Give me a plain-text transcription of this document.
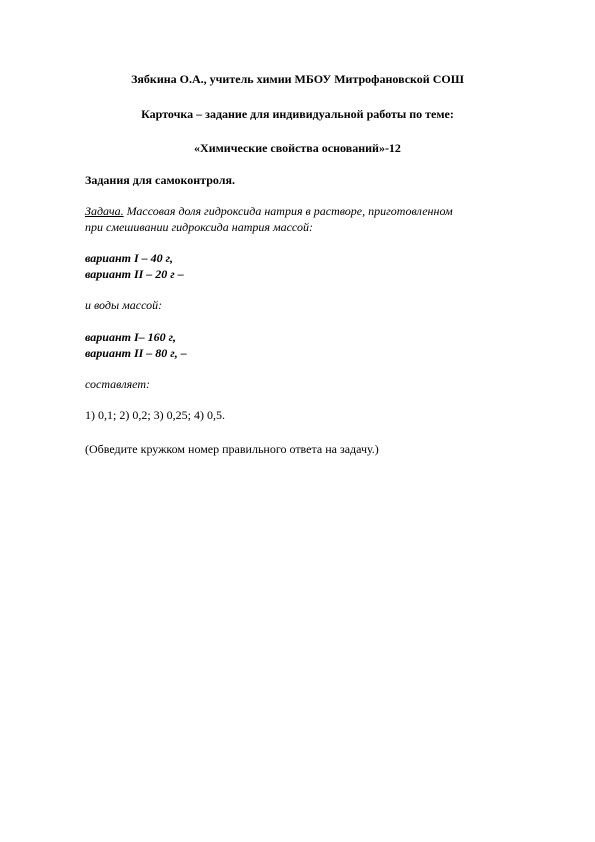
Зябкина О.А., учитель химии МБОУ Митрофановской СОШ
Карточка – задание для индивидуальной работы по теме:
«Химические свойства оснований»-12
Задания для самоконтроля.
Задача. Массовая доля гидроксида натрия в растворе, приготовленном
при смешивании гидроксида натрия массой:
вариант I – 40 г,
вариант II – 20 г –
и воды массой:
вариант I– 160 г,
вариант II – 80 г, –
составляет:
1) 0,1; 2) 0,2; 3) 0,25; 4) 0,5.
(Обведите кружком номер правильного ответа на задачу.)
